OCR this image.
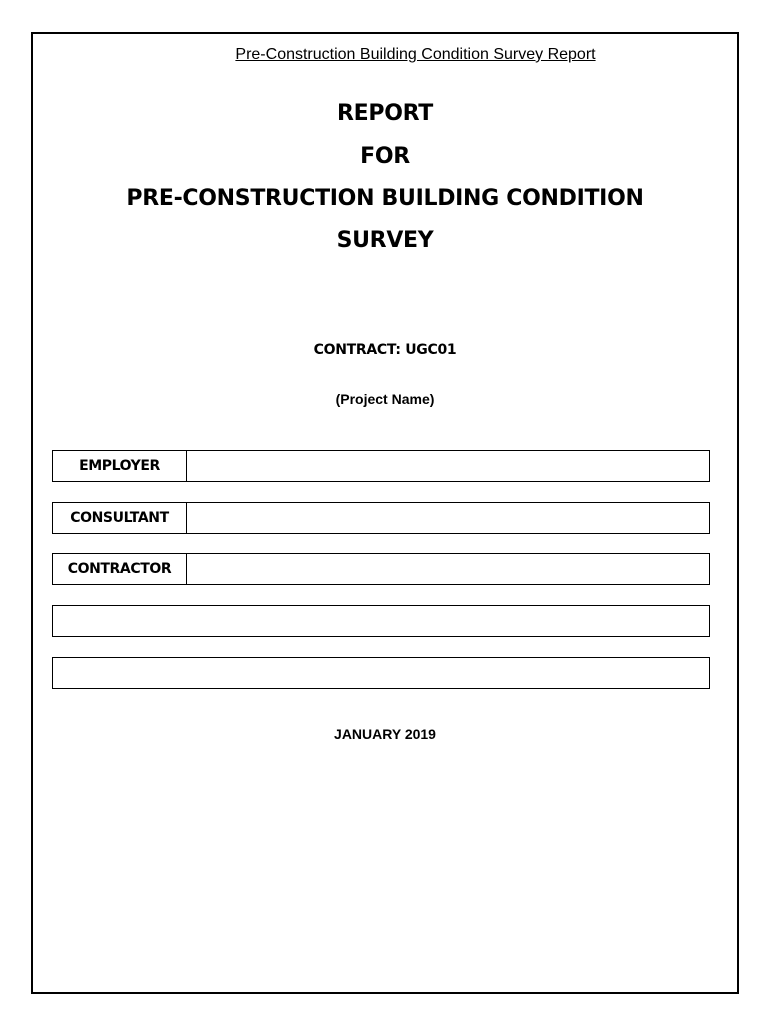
Pre-Construction Building Condition Survey Report
REPORT
FOR
PRE-CONSTRUCTION BUILDING CONDITION
SURVEY
CONTRACT: UGC01
(Project Name)
EMPLOYER
CONSULTANT
CONTRACTOR
JANUARY 2019
